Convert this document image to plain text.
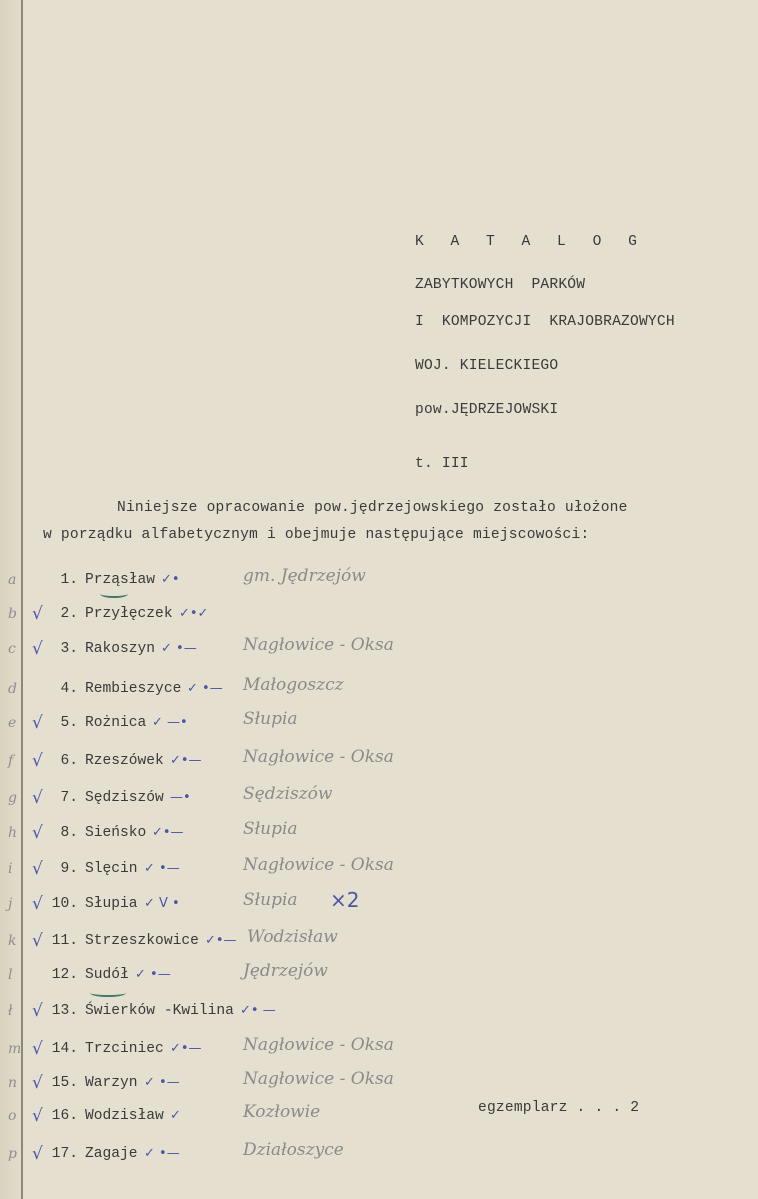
K A T A L O G
ZABYTKOWYCH  PARKÓW
I  KOMPOZYCJI  KRAJOBRAZOWYCH
WOJ. KIELECKIEGO
pow.JĘDRZEJOWSKI
t. III
Niniejsze opracowanie pow.jędrzejowskiego zostało ułożone
w porządku alfabetycznym i obejmuje następujące miejscowości:
a	1. Prząsław ✓•	gm. Jędrzejów
b √ 2. Przyłęczek ✓•✓
c √ 3. Rakoszyn ✓ •—	Nagłowice - Oksa
d	4. Rembieszyce ✓ •— Małogoszcz
e √ 5. Rożnica ✓ —•	Słupia
f √ 6. Rzeszówek ✓•— Nagłowice - Oksa
g √ 7. Sędziszów —•	Sędziszów
h √ 8. Sieńsko ✓•—	Słupia
i √ 9. Slęcin ✓ •—	Nagłowice - Oksa
j √ 10. Słupia ✓ V •	Słupia ×2
k √ 11. Strzeszkowice ✓•— Wodzisław
l	12. Sudół ✓ •—	Jędrzejów
ł √ 13. Świerków -Kwilina ✓• —
m √ 14. Trzciniec ✓•— Nagłowice - Oksa
n √ 15. Warzyn ✓ •—	Nagłowice - Oksa
o √ 16. Wodzisław ✓	Kozłowie
p √ 17. Zagaje ✓ •—	Działoszyce
egzemplarz . . . 2
